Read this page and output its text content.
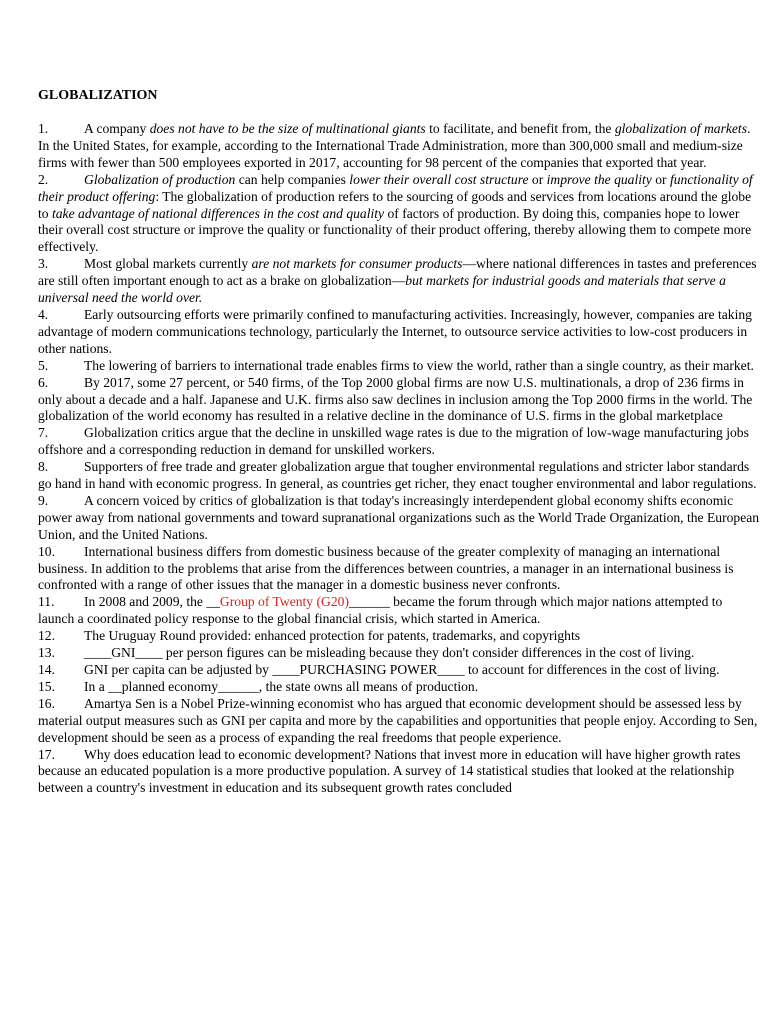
GLOBALIZATION

1.	A company does not have to be the size of multinational giants to facilitate, and benefit from, the globalization of markets. In the United States, for example, according to the International Trade Administration, more than 300,000 small and medium-size firms with fewer than 500 employees exported in 2017, accounting for 98 percent of the companies that exported that year.

2.	Globalization of production can help companies lower their overall cost structure or improve the quality or functionality of their product offering: The globalization of production refers to the sourcing of goods and services from locations around the globe to take advantage of national differences in the cost and quality of factors of production. By doing this, companies hope to lower their overall cost structure or improve the quality or functionality of their product offering, thereby allowing them to compete more effectively.

3.	Most global markets currently are not markets for consumer products—where national differences in tastes and preferences are still often important enough to act as a brake on globalization—but markets for industrial goods and materials that serve a universal need the world over.

4.	Early outsourcing efforts were primarily confined to manufacturing activities. Increasingly, however, companies are taking advantage of modern communications technology, particularly the Internet, to outsource service activities to low-cost producers in other nations.

5.	The lowering of barriers to international trade enables firms to view the world, rather than a single country, as their market.

6.	By 2017, some 27 percent, or 540 firms, of the Top 2000 global firms are now U.S. multinationals, a drop of 236 firms in only about a decade and a half. Japanese and U.K. firms also saw declines in inclusion among the Top 2000 firms in the world. The globalization of the world economy has resulted in a relative decline in the dominance of U.S. firms in the global marketplace

7.	Globalization critics argue that the decline in unskilled wage rates is due to the migration of low-wage manufacturing jobs offshore and a corresponding reduction in demand for unskilled workers.

8.	Supporters of free trade and greater globalization argue that tougher environmental regulations and stricter labor standards go hand in hand with economic progress. In general, as countries get richer, they enact tougher environmental and labor regulations.

9.	A concern voiced by critics of globalization is that today's increasingly interdependent global economy shifts economic power away from national governments and toward supranational organizations such as the World Trade Organization, the European Union, and the United Nations.

10. International business differs from domestic business because of the greater complexity of managing an international business. In addition to the problems that arise from the differences between countries, a manager in an international business is confronted with a range of other issues that the manager in a domestic business never confronts.

11. In 2008 and 2009, the __Group of Twenty (G20)______ became the forum through which major nations attempted to launch a coordinated policy response to the global financial crisis, which started in America.

12. The Uruguay Round provided: enhanced protection for patents, trademarks, and copyrights

13. ____GNI____ per person figures can be misleading because they don't consider differences in the cost of living.

14. GNI per capita can be adjusted by ____PURCHASING POWER____ to account for differences in the cost of living.

15. In a __planned economy______, the state owns all means of production.

16. Amartya Sen is a Nobel Prize-winning economist who has argued that economic development should be assessed less by material output measures such as GNI per capita and more by the capabilities and opportunities that people enjoy. According to Sen, development should be seen as a process of expanding the real freedoms that people experience.

17. Why does education lead to economic development? Nations that invest more in education will have higher growth rates because an educated population is a more productive population. A survey of 14 statistical studies that looked at the relationship between a country's investment in education and its subsequent growth rates concluded
